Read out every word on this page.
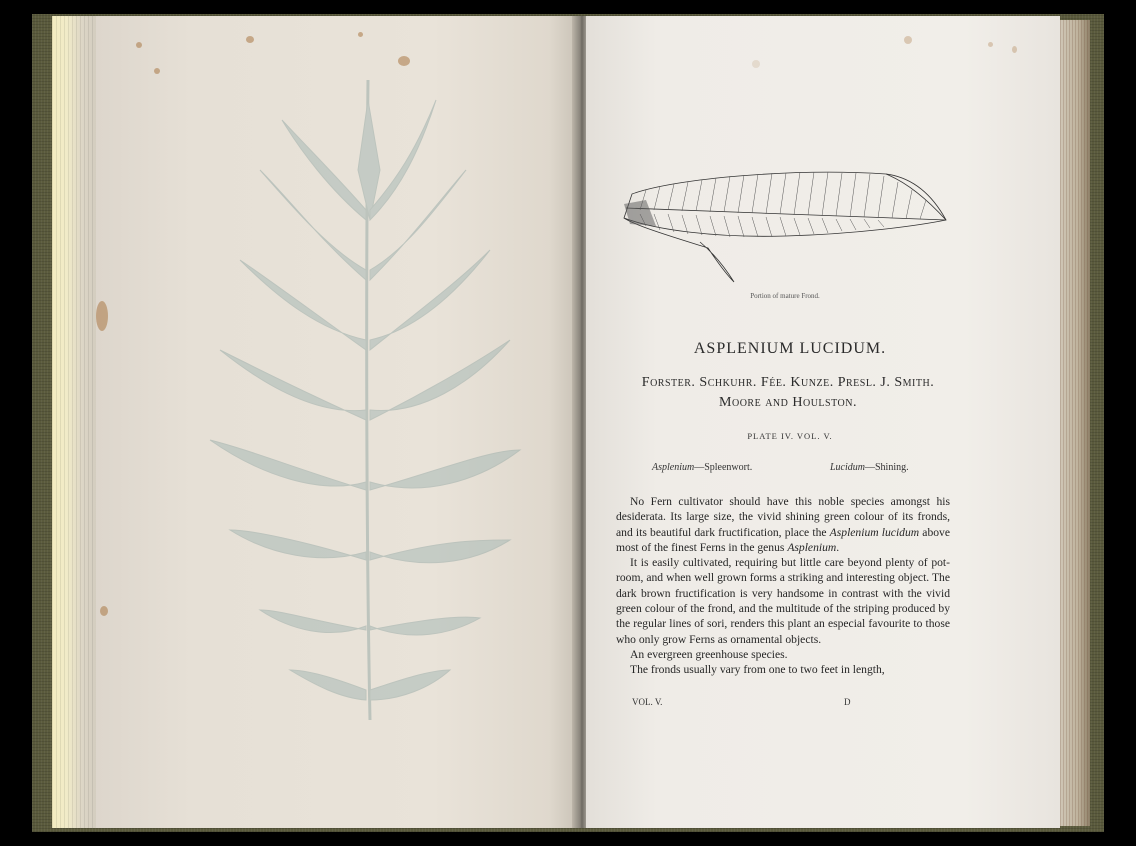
Portion of mature Frond.
ASPLENIUM LUCIDUM.
Forster. Schkuhr. Fée. Kunze. Presl. J. Smith.
Moore and Houlston.
PLATE IV. VOL. V.
Asplenium—Spleenwort.	Lucidum—Shining.

No Fern cultivator should have this noble species amongst his desiderata. Its large size, the vivid shining green colour of its fronds, and its beautiful dark fructification, place the Asplenium lucidum above most of the finest Ferns in the genus Asplenium.

It is easily cultivated, requiring but little care beyond plenty of pot-room, and when well grown forms a striking and interesting object. The dark brown fructification is very handsome in contrast with the vivid green colour of the frond, and the multitude of the striping produced by the regular lines of sori, renders this plant an especial favourite to those who only grow Ferns as ornamental objects.

An evergreen greenhouse species.

The fronds usually vary from one to two feet in length,

VOL. V.	D
